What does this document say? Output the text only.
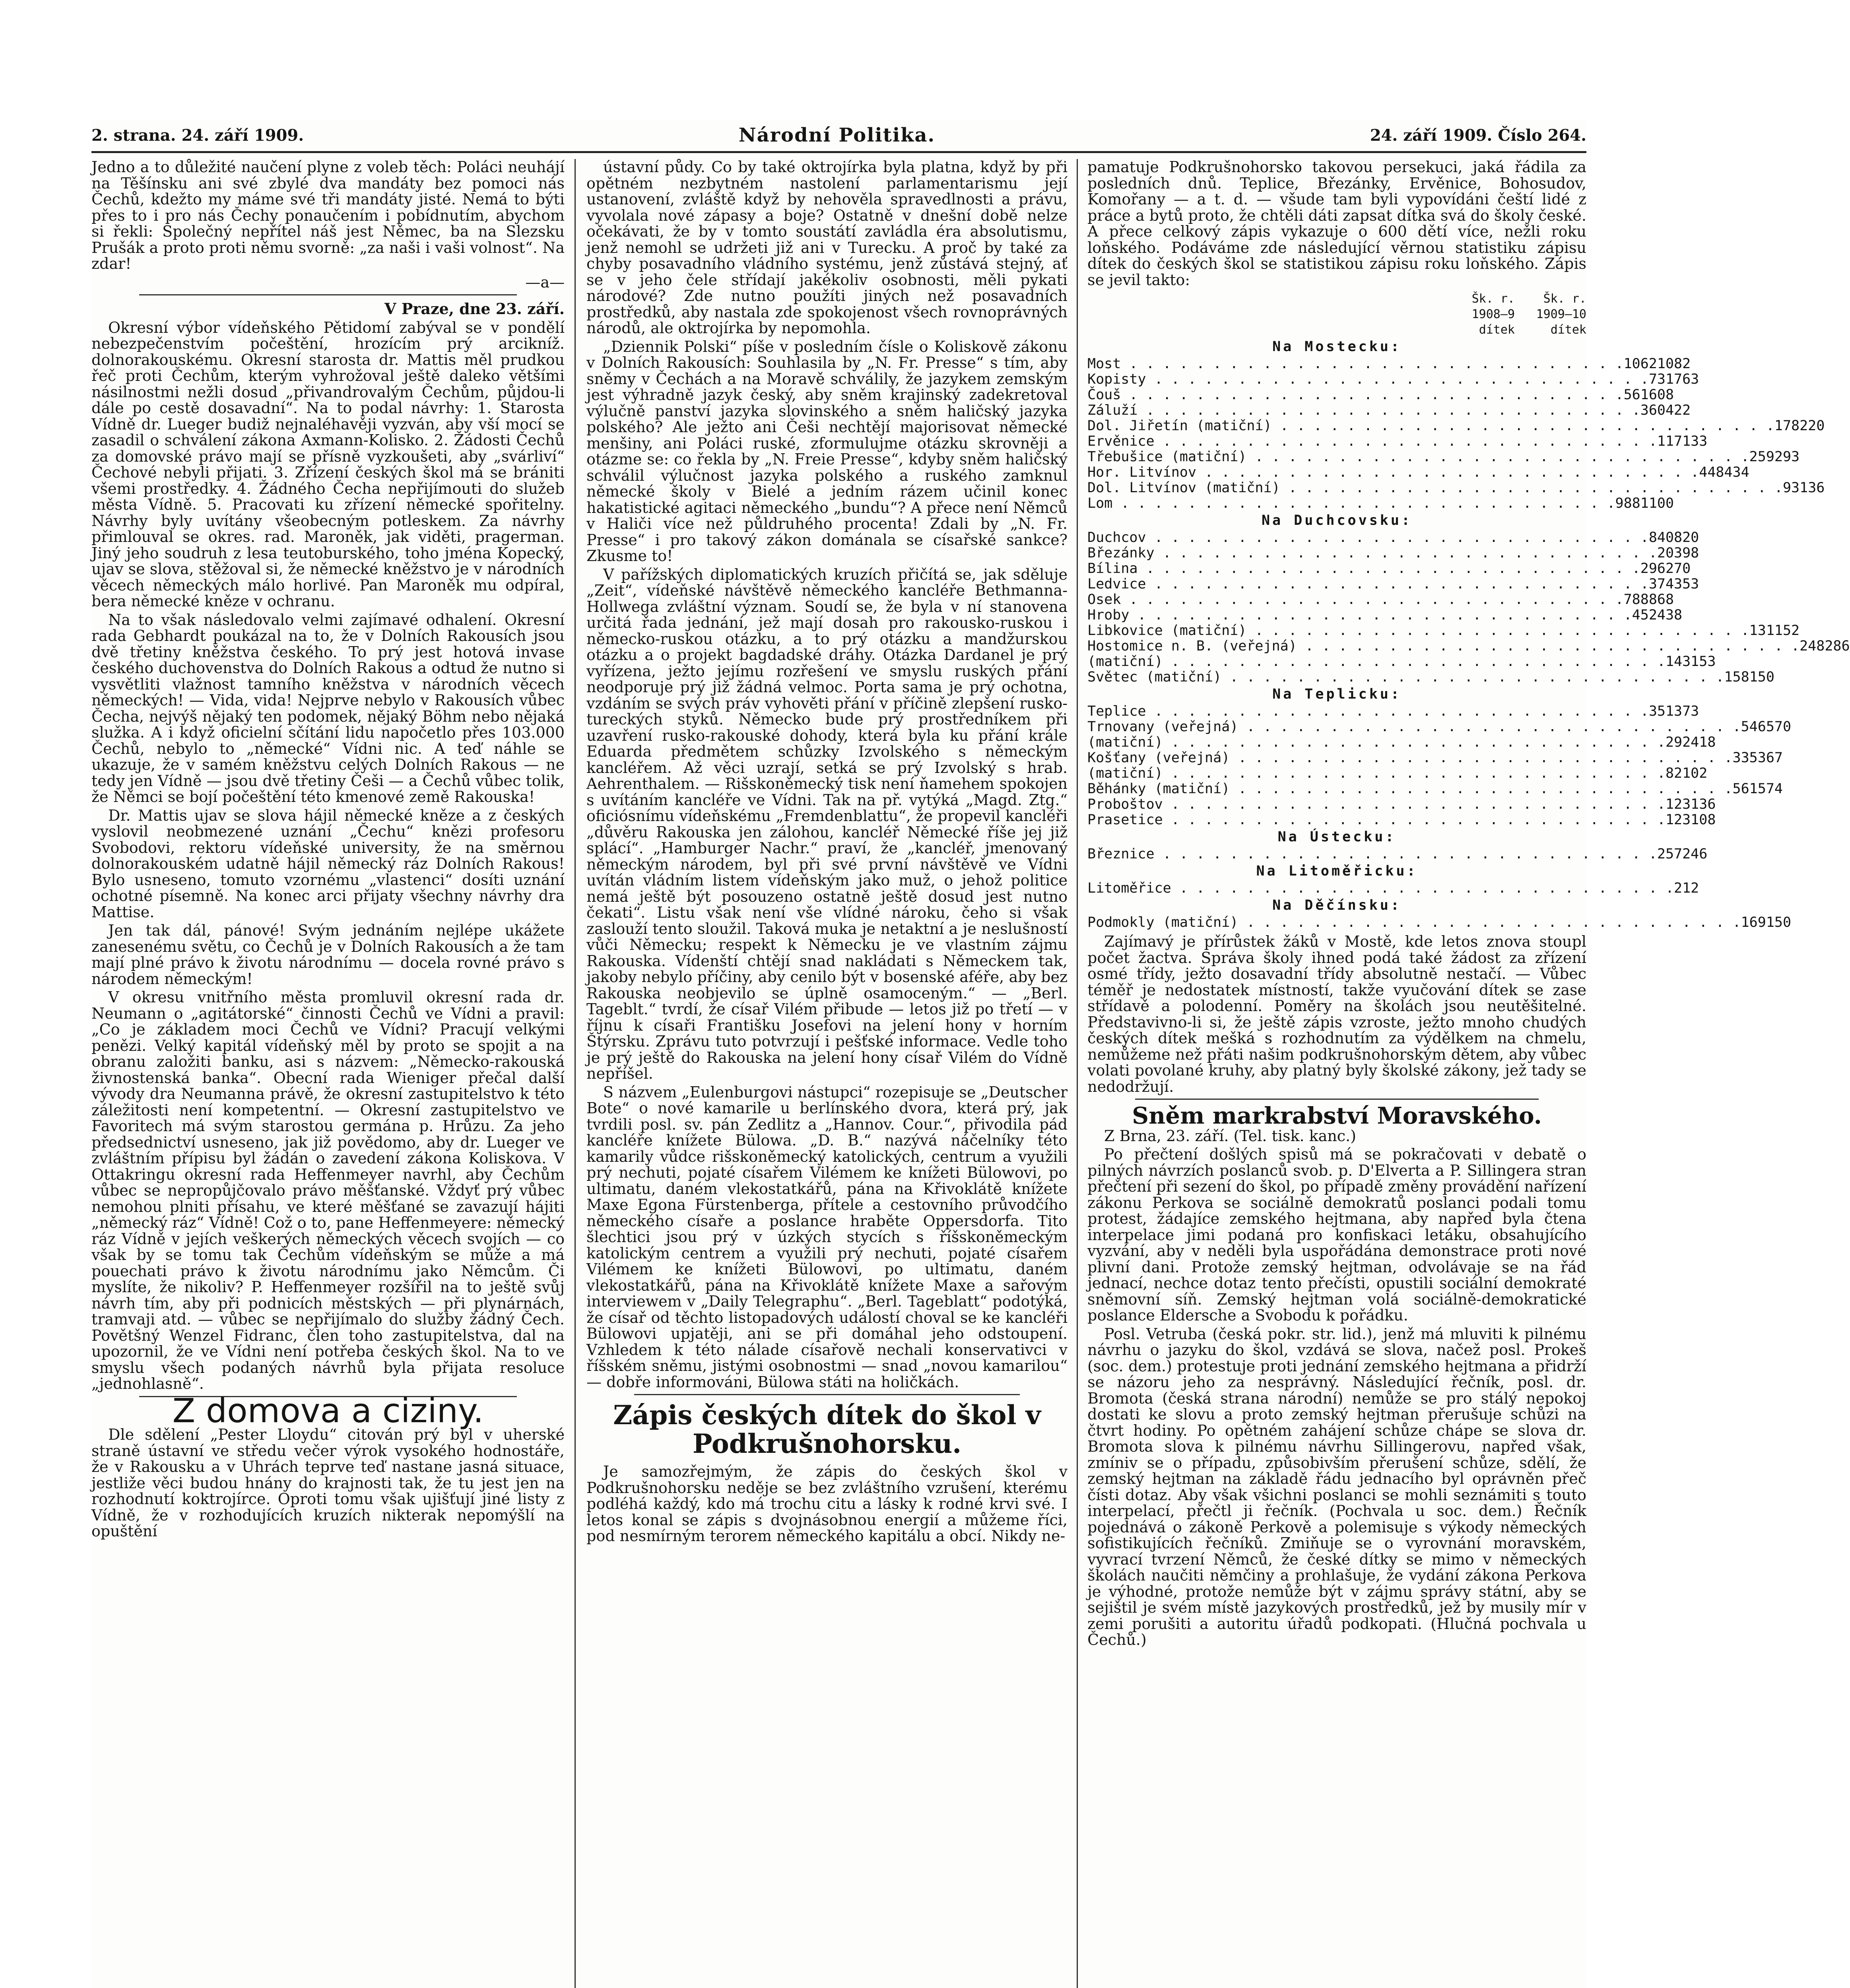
2. strana. 24. září 1909.	Národní Politika.	24. září 1909. Číslo 264.

Jedno a to důležité naučení plyne z voleb těch: Poláci neuhájí na Těšínsku ani své zbylé dva mandáty bez pomoci nás Čechů, kdežto my máme své tři mandáty jisté. Nemá to býti přes to i pro nás Čechy ponaučením i pobídnutím, abychom si řekli: Společný nepřítel náš jest Němec, ba na Slezsku Prušák a proto proti němu svorně: „za naši i vaši volnost“. Na zdar!

—a—

V Praze, dne 23. září.

Okresní výbor vídeňského Pětidomí zabýval se v pondělí nebezpečenstvím počeštění, hrozícím prý arcikníž. dolnorakouskému. Okresní starosta dr. Mattis měl prudkou řeč proti Čechům, kterým vyhrožoval ještě daleko většími násilnostmi nežli dosud „přivandrovalým Čechům, půjdou-li dále po cestě dosavadní“. Na to podal návrhy: 1. Starosta Vídně dr. Lueger budiž nejnaléhavěji vyzván, aby vší mocí se zasadil o schválení zákona Axmann-Kolisko. 2. Žádosti Čechů za domovské právo mají se přísně vyzkoušeti, aby „svárliví“ Čechové nebyli přijati. 3. Zřízení českých škol má se brániti všemi prostředky. 4. Žádného Čecha nepřijímouti do služeb města Vídně. 5. Pracovati ku zřízení německé spořitelny. Návrhy byly uvítány všeobecným potleskem. Za návrhy přimlouval se okres. rad. Maroněk, jak viděti, pragerman. Jiný jeho soudruh z lesa teutoburského, toho jména Kopecký, ujav se slova, stěžoval si, že německé kněžstvo je v národních věcech německých málo horlivé. Pan Maroněk mu odpíral, bera německé kněze v ochranu.

Na to však následovalo velmi zajímavé odhalení. Okresní rada Gebhardt poukázal na to, že v Dolních Rakousích jsou dvě třetiny kněžstva českého. To prý jest hotová invase českého duchovenstva do Dolních Rakous a odtud že nutno si vysvětliti vlažnost tamního kněžstva v národních věcech německých! — Vida, vida! Nejprve nebylo v Rakousích vůbec Čecha, nejvýš nějaký ten podomek, nějaký Böhm nebo nějaká služka. A i když oficielní sčítání lidu napočetlo přes 103.000 Čechů, nebylo to „německé“ Vídni nic. A teď náhle se ukazuje, že v samém kněžstvu celých Dolních Rakous — ne tedy jen Vídně — jsou dvě třetiny Češi — a Čechů vůbec tolik, že Němci se bojí počeštění této kmenové země Rakouska!

Dr. Mattis ujav se slova hájil německé kněze a z českých vyslovil neobmezené uznání „Čechu“ knězi profesoru Svobodovi, rektoru vídeňské university, že na směrnou dolnorakouském udatně hájil německý ráz Dolních Rakous! Bylo usneseno, tomuto vzornému „vlastenci“ dosíti uznání ochotné písemně. Na konec arci přijaty všechny návrhy dra Mattise.

Jen tak dál, pánové! Svým jednáním nejlépe ukážete zanesenému světu, co Čechů je v Dolních Rakousích a že tam mají plné právo k životu národnímu — docela rovné právo s národem německým!

V okresu vnitřního města promluvil okresní rada dr. Neumann o „agitátorské“ činnosti Čechů ve Vídni a pravil: „Co je základem moci Čechů ve Vídni? Pracují velkými penězi. Velký kapitál vídeňský měl by proto se spojit a na obranu založiti banku, asi s názvem: „Německo-rakouská živnostenská banka“. Obecní rada Wieniger přečal další vývody dra Neumanna právě, že okresní zastupitelstvo k této záležitosti není kompetentní. — Okresní zastupitelstvo ve Favoritech má svým starostou germána p. Hrůzu. Za jeho předsednictví usneseno, jak již povědomo, aby dr. Lueger ve zvláštním přípisu byl žádán o zavedení zákona Koliskova. V Ottakringu okresní rada Heffenmeyer navrhl, aby Čechům vůbec se nepropůjčovalo právo měšťanské. Vždyť prý vůbec nemohou plniti přísahu, ve které měšťané se zavazují hájiti „německý ráz“ Vídně! Což o to, pane Heffenmeyere: německý ráz Vídně v jejích veškerých německých věcech svojích — co však by se tomu tak Čechům vídeňským se může a má pouechati právo k životu národnímu jako Němcům. Či myslíte, že nikoliv? P. Heffenmeyer rozšířil na to ještě svůj návrh tím, aby při podnicích městských — při plynárnách, tramvaji atd. — vůbec se nepřijímalo do služby žádný Čech. Povětšný Wenzel Fidranc, člen toho zastupitelstva, dal na upozornil, že ve Vídni není potřeba českých škol. Na to ve smyslu všech podaných návrhů byla přijata resoluce „jednohlasně“.

Z domova a ciziny.

Dle sdělení „Pester Lloydu“ citován prý byl v uherské straně ústavní ve středu večer výrok vysokého hodnostáře, že v Rakousku a v Uhrách teprve teď nastane jasná situace, jestliže věci budou hnány do krajnosti tak, že tu jest jen na rozhodnutí koktrojírce. Oproti tomu však ujišťují jiné listy z Vídně, že v rozhodujících kruzích nikterak nepomýšlí na opuštění

ústavní půdy. Co by také oktrojírka byla platna, když by při opětném nezbytném nastolení parlamentarismu její ustanovení, zvláště když by nehověla spravedlnosti a právu, vyvolala nové zápasy a boje? Ostatně v dnešní době nelze očekávati, že by v tomto soustátí zavládla éra absolutismu, jenž nemohl se udržeti již ani v Turecku. A proč by také za chyby posavadního vládního systému, jenž zůstává stejný, ať se v jeho čele střídají jakékoliv osobnosti, měli pykati národové? Zde nutno použíti jiných než posavadních prostředků, aby nastala zde spokojenost všech rovnoprávných národů, ale oktrojírka by nepomohla.

„Dziennik Polski“ píše v posledním čísle o Koliskově zákonu v Dolních Rakousích: Souhlasila by „N. Fr. Presse“ s tím, aby sněmy v Čechách a na Moravě schválily, že jazykem zemským jest výhradně jazyk český, aby sněm krajinský zadekretoval výlučně panství jazyka slovinského a sněm haličský jazyka polského? Ale ježto ani Češi nechtějí majorisovat německé menšiny, ani Poláci ruské, zformulujme otázku skrovněji a otázme se: co řekla by „N. Freie Presse“, kdyby sněm haličský schválil výlučnost jazyka polského a ruského zamknul německé školy v Bielé a jedním rázem učinil konec hakatistické agitaci německého „bundu“? A přece není Němců v Haliči více než půldruhého procenta! Zdali by „N. Fr. Presse“ i pro takový zákon dománala se císařské sankce? Zkusme to!

V pařížských diplomatických kruzích přičítá se, jak sděluje „Zeit“, vídeňské návštěvě německého kancléře Bethmanna-Hollwega zvláštní význam. Soudí se, že byla v ní stanovena určitá řada jednání, jež mají dosah pro rakousko-ruskou i německo-ruskou otázku, a to prý otázku a mandžurskou otázku a o projekt bagdadské dráhy. Otázka Dardanel je prý vyřízena, ježto jejímu rozřešení ve smyslu ruských přání neodporuje prý již žádná velmoc. Porta sama je prý ochotna, vzdáním se svých práv vyhověti přání v příčině zlepšení rusko-tureckých styků. Německo bude prý prostředníkem při uzavření rusko-rakouské dohody, která byla ku přání krále Eduarda předmětem schůzky Izvolského s německým kancléřem. Až věci uzrají, setká se prý Izvolský s hrab. Aehrenthalem. — Rišskoněmecký tisk není ňamehem spokojen s uvítáním kancléře ve Vídni. Tak na př. vytýká „Magd. Ztg.“ oficiósnímu vídeňskému „Fremdenblattu“, že propevil kancléři „důvěru Rakouska jen zálohou, kancléř Německé říše jej již splácí“. „Hamburger Nachr.“ praví, že „kancléř, jmenovaný německým národem, byl při své první návštěvě ve Vídni uvítán vládním listem vídeňským jako muž, o jehož politice nemá ještě být posouzeno ostatně ještě dosud jest nutno čekati“. Listu však není vše vlídné nároku, čeho si však zaslouží tento sloužil. Taková muka je netaktní a je neslušností vůči Německu; respekt k Německu je ve vlastním zájmu Rakouska. Vídenští chtějí snad nakládati s Německem tak, jakoby nebylo příčiny, aby cenilo být v bosenské aféře, aby bez Rakouska neobjevilo se úplně osamoceným.“ — „Berl. Tageblt.“ tvrdí, že císař Vilém přibude — letos již po třetí — v říjnu k císaři Františku Josefovi na jelení hony v horním Štýrsku. Zprávu tuto potvrzují i pešťské informace. Vedle toho je prý ještě do Rakouska na jelení hony císař Vilém do Vídně nepříšel.

S názvem „Eulenburgovi nástupci“ rozepisuje se „Deutscher Bote“ o nové kamarile u berlínského dvora, která prý, jak tvrdili posl. sv. pán Zedlitz a „Hannov. Cour.“, přivodila pád kancléře knížete Bülowa. „D. B.“ nazývá náčelníky této kamarily vůdce rišskoněmecký katolických, centrum a využili prý nechuti, pojaté císařem Vilémem ke knížeti Bülowovi, po ultimatu, daném vlekostatkářů, pána na Křivoklátě knížete Maxe Egona Fürstenberga, přítele a cestovního průvodčího německého císaře a poslance hraběte Oppersdorfa. Tito šlechtici jsou prý v úzkých stycích s říšskoněmeckým katolickým centrem a využili prý nechuti, pojaté císařem Vilémem ke knížeti Bülowovi, po ultimatu, daném vlekostatkářů, pána na Křivoklátě knížete Maxe a sařovým interviewem v „Daily Telegraphu“. „Berl. Tageblatt“ podotýká, že císař od těchto listopadových událostí choval se ke kancléři Bülowovi upjatěji, ani se při domáhal jeho odstoupení. Vzhledem k této nálade císařově nechali konservativci v říšském sněmu, jistými osobnostmi — snad „novou kamarilou“ — dobře informováni, Bülowa státi na holičkách.

Zápis českých dítek do škol v Podkrušnohorsku.

Je samozřejmým, že zápis do českých škol v Podkrušnohorsku neděje se bez zvláštního vzrušení, kterému podléhá každý, kdo má trochu citu a lásky k rodné krvi své. I letos konal se zápis s dvojnásobnou energií a můžeme říci, pod nesmírným terorem německého kapitálu a obcí. Nikdy ne-

pamatuje Podkrušnohorsko takovou persekuci, jaká řádila za posledních dnů. Teplice, Březánky, Ervěnice, Bohosudov, Komořany — a t. d. — všude tam byli vypovídáni čeští lidé z práce a bytů proto, že chtěli dáti zapsat dítka svá do školy české. A přece celkový zápis vykazuje o 600 dětí více, nežli roku loňského. Podáváme zde následující věrnou statistiku zápisu dítek do českých škol se statistikou zápisu roku loňského. Zápis se jevil takto:

Šk. r. 1908—9
Šk. r. 1909—10
dítek	dítek
Na Mostecku:
Most . . . . . . . . . . . . . . . . . . . . . . . . . . . . . . 1062 1082
Kopisty . . . . . . . . . . . . . . . . . . . . . . . . . . . . . . 731 763
Čouš . . . . . . . . . . . . . . . . . . . . . . . . . . . . . . 561 608
Záluží . . . . . . . . . . . . . . . . . . . . . . . . . . . . . . 360 422
Dol. Jiřetín (matiční) . . . . . . . . . . . . . . . . . . . . . . . . . . . . . . 178 220
Ervěnice . . . . . . . . . . . . . . . . . . . . . . . . . . . . . . 117 133
Třebušice (matiční) . . . . . . . . . . . . . . . . . . . . . . . . . . . . . . 259 293
Hor. Litvínov . . . . . . . . . . . . . . . . . . . . . . . . . . . . . . 448 434
Dol. Litvínov (matiční) . . . . . . . . . . . . . . . . . . . . . . . . . . . . . . 93 136
Lom . . . . . . . . . . . . . . . . . . . . . . . . . . . . . . 988 1100
Na Duchcovsku:
Duchcov . . . . . . . . . . . . . . . . . . . . . . . . . . . . . . 840 820
Březánky . . . . . . . . . . . . . . . . . . . . . . . . . . . . . . 203 98
Bílina . . . . . . . . . . . . . . . . . . . . . . . . . . . . . . 296 270
Ledvice . . . . . . . . . . . . . . . . . . . . . . . . . . . . . . 374 353
Osek . . . . . . . . . . . . . . . . . . . . . . . . . . . . . . 788 868
Hroby . . . . . . . . . . . . . . . . . . . . . . . . . . . . . . 452 438
Libkovice (matiční) . . . . . . . . . . . . . . . . . . . . . . . . . . . . . . 131 152
Hostomice n. B. (veřejná) . . . . . . . . . . . . . . . . . . . . . . . . . . . . . . 248 286
(matiční) . . . . . . . . . . . . . . . . . . . . . . . . . . . . . . 143 153
Světec (matiční) . . . . . . . . . . . . . . . . . . . . . . . . . . . . . . 158 150
Na Teplicku:
Teplice . . . . . . . . . . . . . . . . . . . . . . . . . . . . . . 351 373
Trnovany (veřejná) . . . . . . . . . . . . . . . . . . . . . . . . . . . . . . 546 570
(matiční) . . . . . . . . . . . . . . . . . . . . . . . . . . . . . . 292 418
Košťany (veřejná) . . . . . . . . . . . . . . . . . . . . . . . . . . . . . . 335 367
(matiční) . . . . . . . . . . . . . . . . . . . . . . . . . . . . . . 82 102
Běhánky (matiční) . . . . . . . . . . . . . . . . . . . . . . . . . . . . . . 561 574
Proboštov . . . . . . . . . . . . . . . . . . . . . . . . . . . . . . 123 136
Prasetice . . . . . . . . . . . . . . . . . . . . . . . . . . . . . . 123 108
Na Ústecku:
Březnice . . . . . . . . . . . . . . . . . . . . . . . . . . . . . . 257 246
Na Litoměřicku:
Litoměřice . . . . . . . . . . . . . . . . . . . . . . . . . . . . . . 212
Na Děčínsku:
Podmokly (matiční) . . . . . . . . . . . . . . . . . . . . . . . . . . . . . . 169 150

Zajímavý je přírůstek žáků v Mostě, kde letos znova stoupl počet žactva. Správa školy ihned podá také žádost za zřízení osmé třídy, ježto dosavadní třídy absolutně nestačí. — Vůbec téměř je nedostatek místností, takže vyučování dítek se zase střídavě a polodenní. Poměry na školách jsou neutěšitelné. Představivno-li si, že ještě zápis vzroste, ježto mnoho chudých českých dítek mešká s rozhodnutím za výdělkem na chmelu, nemůžeme než přáti našim podkrušnohorským dětem, aby vůbec volati povolané kruhy, aby platný byly školské zákony, jež tady se nedodržují.

Sněm markrabství Moravského.

Z Brna, 23. září. (Tel. tisk. kanc.)

Po přečtení došlých spisů má se pokračovati v debatě o pilných návrzích poslanců svob. p. D'Elverta a P. Sillingera stran přečtení při sezení do škol, po případě změny provádění nařízení zákonu Perkova se sociálně demokratů poslanci podali tomu protest, žádajíce zemského hejtmana, aby napřed byla čtena interpelace jimi podaná pro konfiskaci letáku, obsahujícího vyzvání, aby v neděli byla uspořádána demonstrace proti nové plivní dani. Protože zemský hejtman, odvolávaje se na řád jednací, nechce dotaz tento přečísti, opustili sociální demokraté sněmovní síň. Zemský hejtman volá sociálně-demokratické poslance Eldersche a Svobodu k pořádku.

Posl. Vetruba (česká pokr. str. lid.), jenž má mluviti k pilnému návrhu o jazyku do škol, vzdává se slova, načež posl. Prokeš (soc. dem.) protestuje proti jednání zemského hejtmana a přidrží se názoru jeho za nesprávný. Následující řečník, posl. dr. Bromota (česká strana národní) nemůže se pro stálý nepokoj dostati ke slovu a proto zemský hejtman přerušuje schůzi na čtvrt hodiny. Po opětném zahájení schůze chápe se slova dr. Bromota slova k pilnému návrhu Sillingerovu, napřed však, zmíniv se o případu, způsobivším přerušení schůze, sdělí, že zemský hejtman na základě řádu jednacího byl oprávněn přeč čísti dotaz. Aby však všichni poslanci se mohli seznámiti s touto interpelací, přečtl ji řečník. (Pochvala u soc. dem.) Řečník pojednává o zákoně Perkově a polemisuje s výkody německých sofistikujících řečníků. Zmiňuje se o vyrovnání moravském, vyvrací tvrzení Němců, že české dítky se mimo v německých školách naučiti němčiny a prohlašuje, že vydání zákona Perkova je výhodné, protože nemůže být v zájmu správy státní, aby se sejištil je svém místě jazykových prostředků, jež by musily mír v zemi porušiti a autoritu úřadů podkopati. (Hlučná pochvala u Čechů.)
